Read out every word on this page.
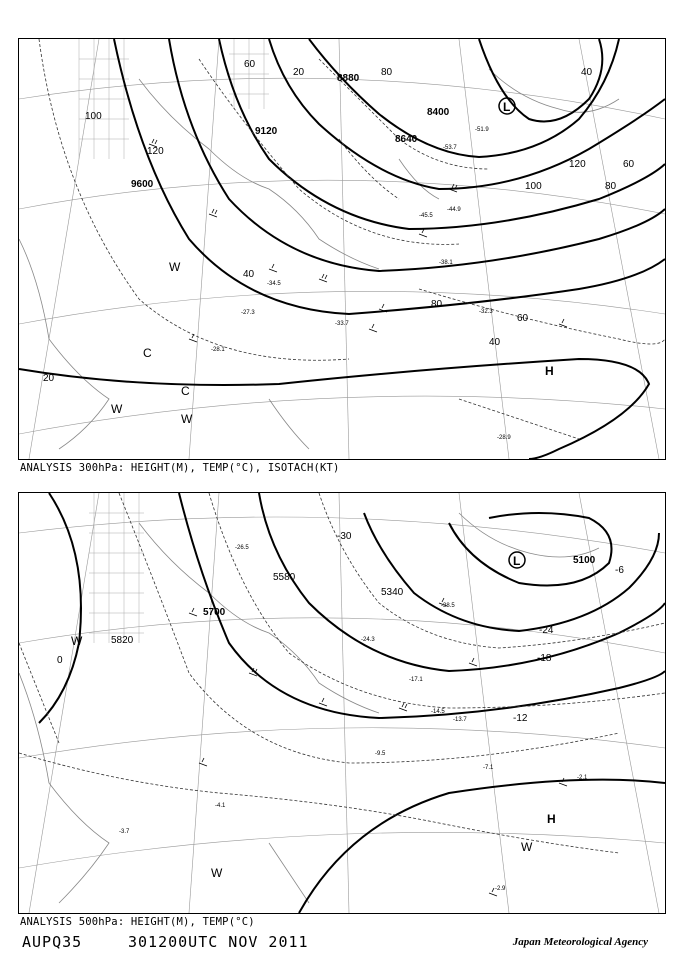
9600
9120
8880
8640
8400
120
100
80
60
40
20
120
100
80
60
40
20
40
60
80
L
H
C
C
W
W
W
-45.5
-44.9
-38.1
-32.3
-33.7
-28.1
-28.9
-51.9
-53.7
-34.5
-27.3
ANALYSIS 300hPa: HEIGHT(M), TEMP(°C), ISOTACH(KT)
5820
5700
5580
5340
5100
-30
-24
-18
-12
-6
0
L
H
W
W
W
-9.5
-13.7
-7.1
-2.1
-2.9
-4.1
-3.7
-26.5
-38.5
-24.3
-17.1
-14.5
ANALYSIS 500hPa: HEIGHT(M), TEMP(°C)
AUPQ35	301200UTC NOV 2011	Japan Meteorological Agency
